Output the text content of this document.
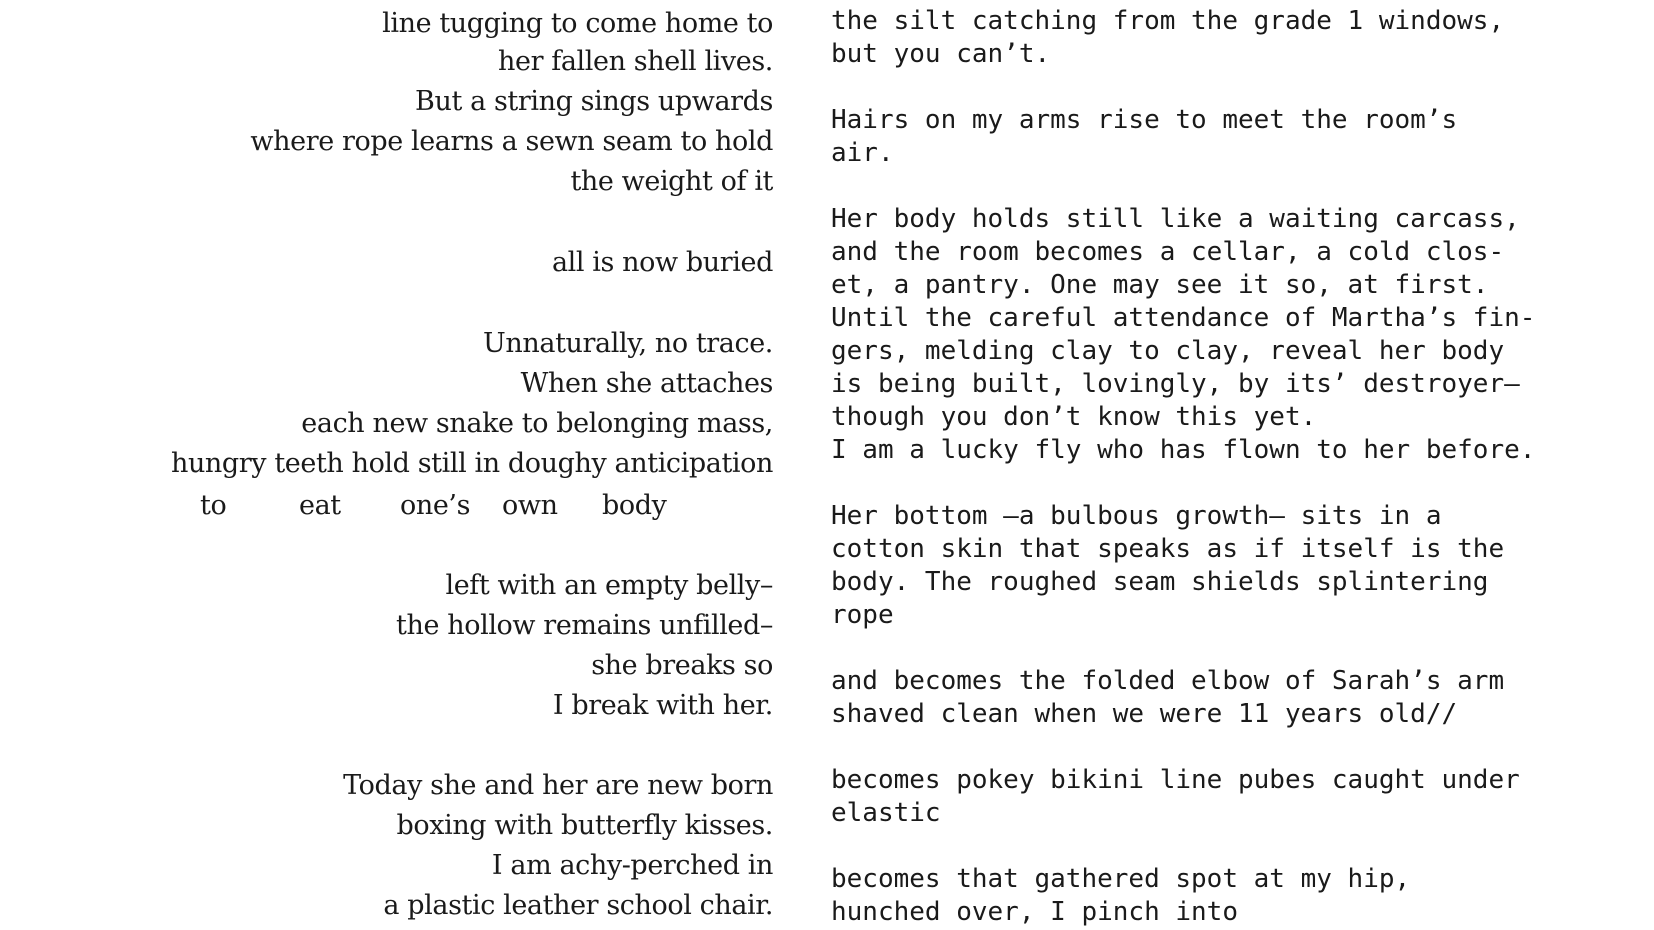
line tugging to come home to
her fallen shell lives.
But a string sings upwards
where rope learns a sewn seam to hold
the weight of it
all is now buried
Unnaturally, no trace.
When she attaches
each new snake to belonging mass,
hungry teeth hold still in doughy anticipation
to	eat one’s own body
left with an empty belly–
the hollow remains unfilled–
she breaks so
I break with her.
Today she and her are new born
boxing with butterfly kisses.
I am achy-perched in
a plastic leather school chair.
the silt catching from the grade 1 windows,
but you can’t.
Hairs on my arms rise to meet the room’s
air.
Her body holds still like a waiting carcass,
and the room becomes a cellar, a cold clos-
et, a pantry. One may see it so, at first.
Until the careful attendance of Martha’s fin-
gers, melding clay to clay, reveal her body
is being built, lovingly, by its’ destroyer–
though you don’t know this yet.
I am a lucky fly who has flown to her before.
Her bottom –a bulbous growth– sits in a
cotton skin that speaks as if itself is the
body. The roughed seam shields splintering
rope
and becomes the folded elbow of Sarah’s arm
shaved clean when we were 11 years old//
becomes pokey bikini line pubes caught under
elastic
becomes that gathered spot at my hip,
hunched over, I pinch into
